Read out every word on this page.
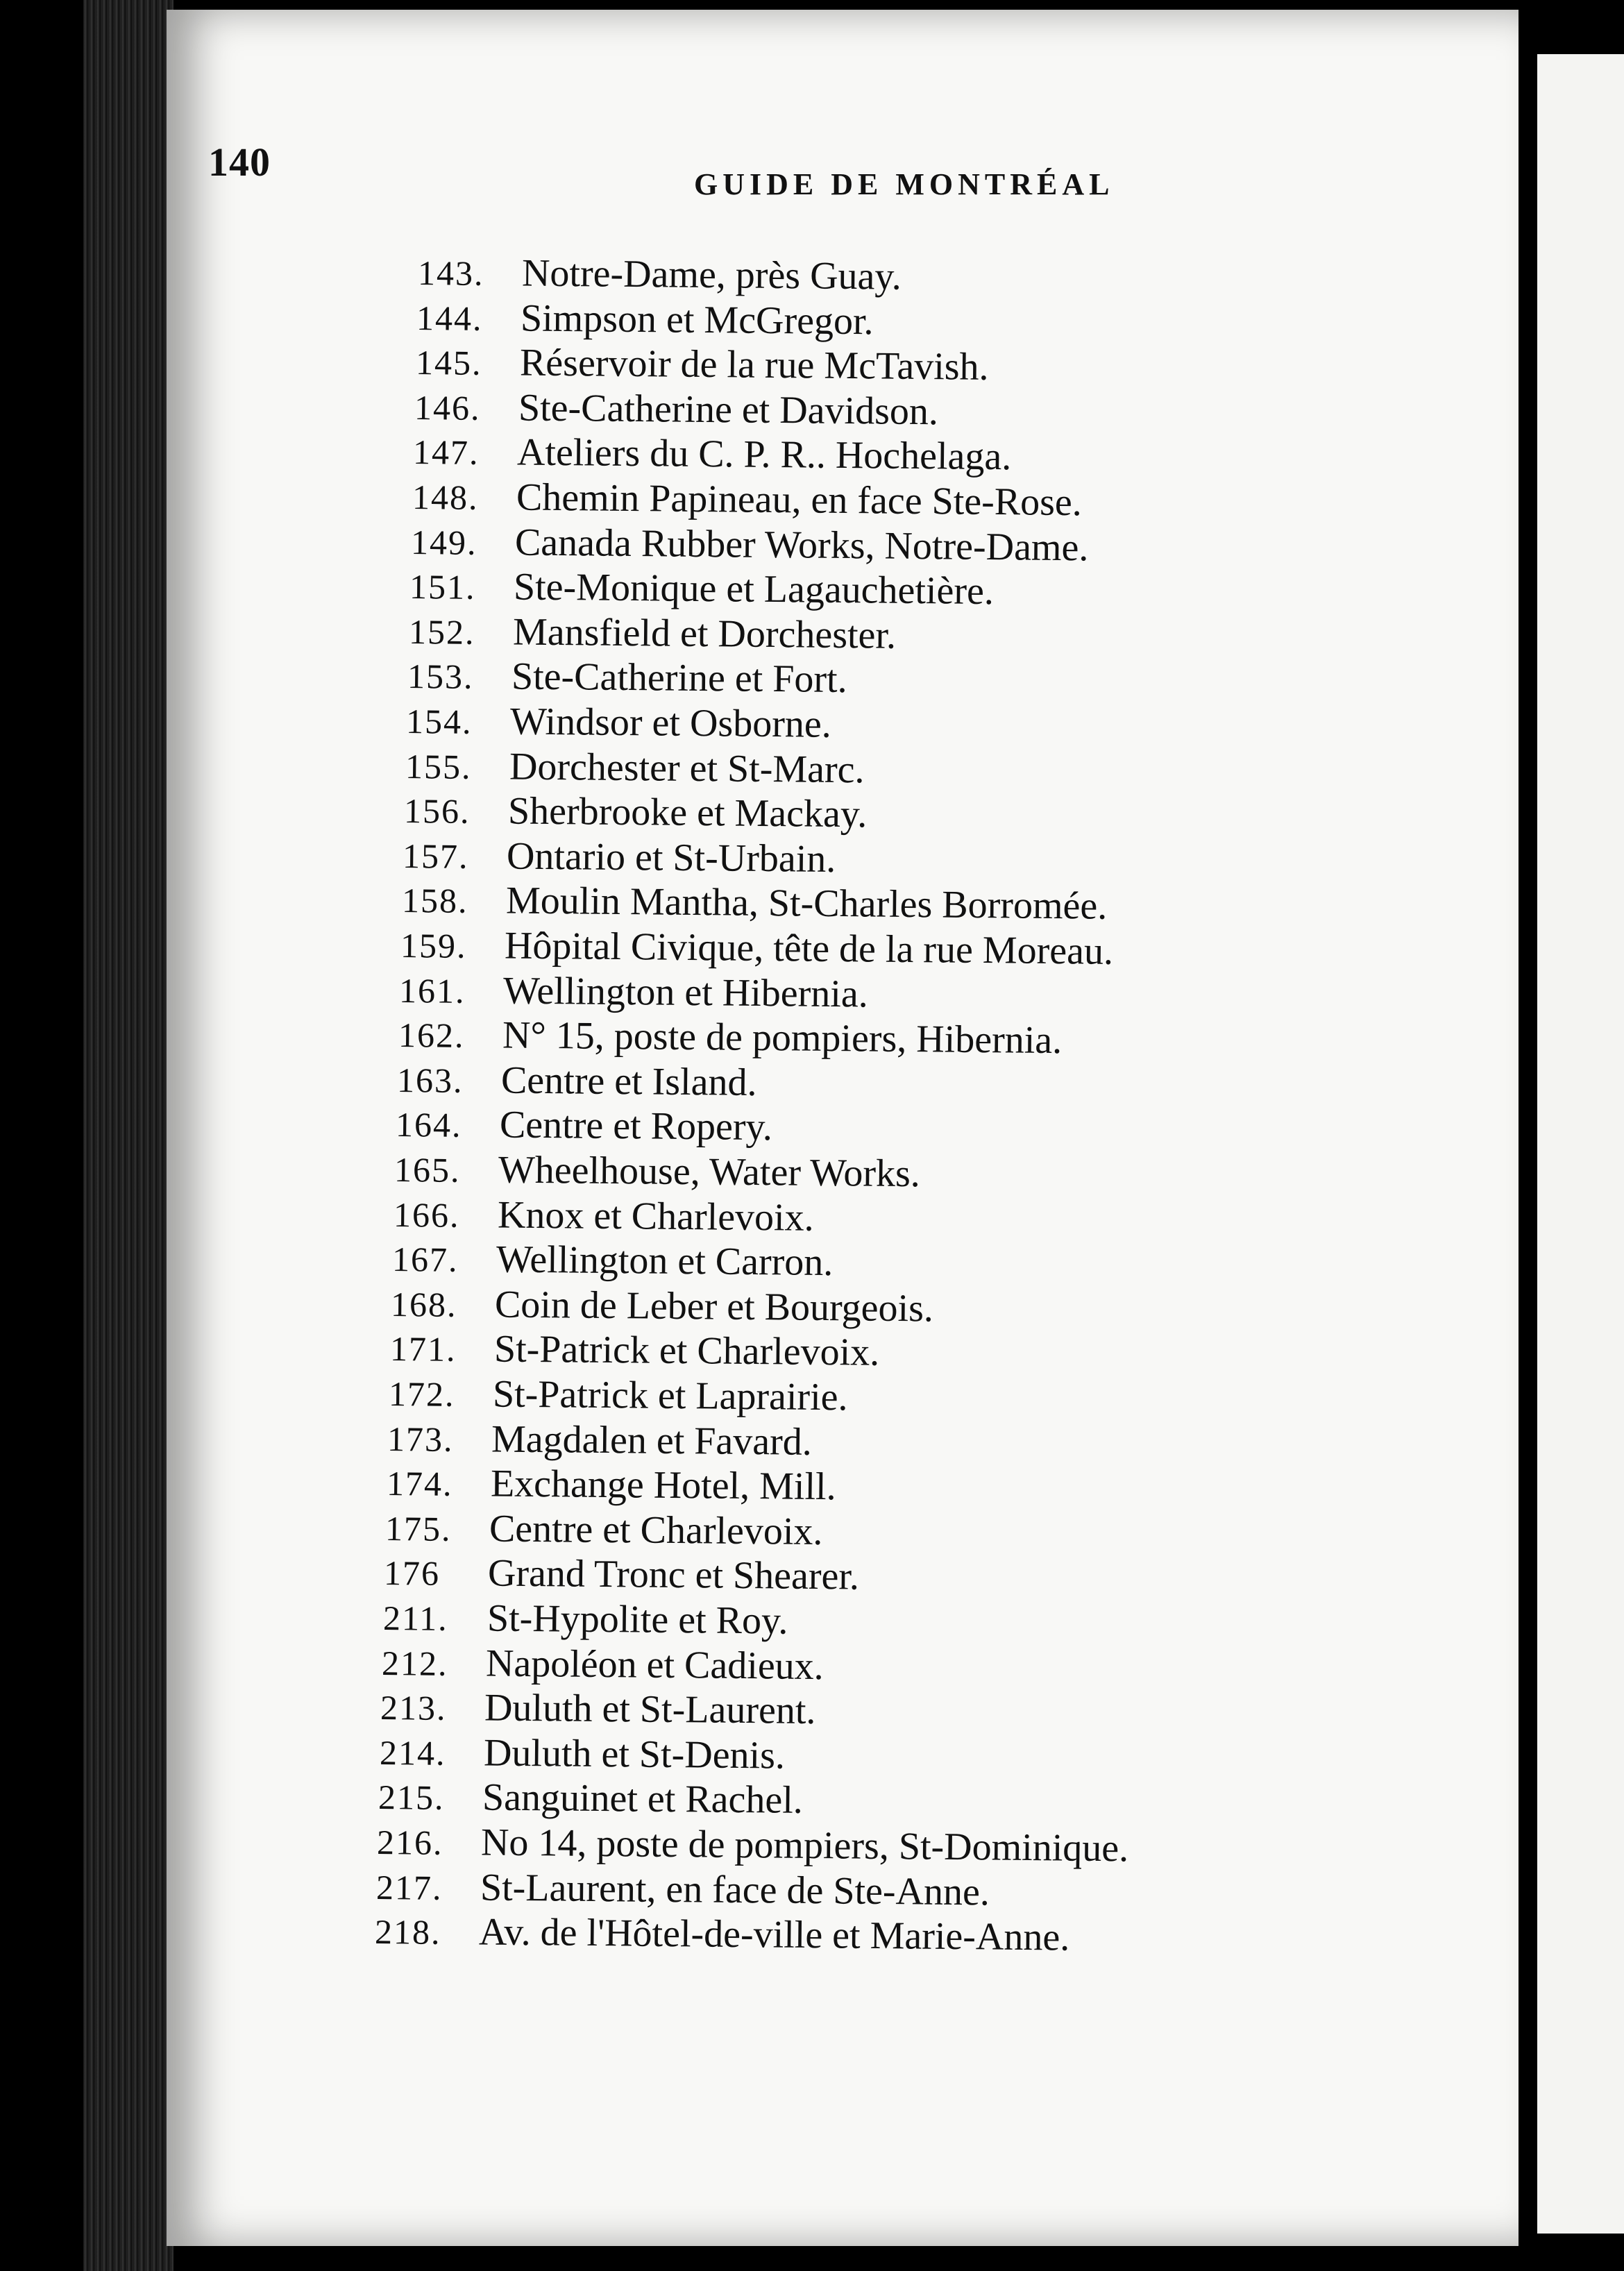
140	GUIDE DE MONTRÉAL
143. Notre-Dame, près Guay.
144. Simpson et McGregor.
145. Réservoir de la rue McTavish.
146. Ste-Catherine et Davidson.
147. Ateliers du C. P. R.. Hochelaga.
148. Chemin Papineau, en face Ste-Rose.
149. Canada Rubber Works, Notre-Dame.
151. Ste-Monique et Lagauchetière.
152. Mansfield et Dorchester.
153. Ste-Catherine et Fort.
154. Windsor et Osborne.
155. Dorchester et St-Marc.
156. Sherbrooke et Mackay.
157. Ontario et St-Urbain.
158. Moulin Mantha, St-Charles Borromée.
159. Hôpital Civique, tête de la rue Moreau.
161. Wellington et Hibernia.
162. N° 15, poste de pompiers, Hibernia.
163. Centre et Island.
164. Centre et Ropery.
165. Wheelhouse, Water Works.
166. Knox et Charlevoix.
167. Wellington et Carron.
168. Coin de Leber et Bourgeois.
171. St-Patrick et Charlevoix.
172. St-Patrick et Laprairie.
173. Magdalen et Favard.
174. Exchange Hotel, Mill.
175. Centre et Charlevoix.
176 Grand Tronc et Shearer.
211. St-Hypolite et Roy.
212. Napoléon et Cadieux.
213. Duluth et St-Laurent.
214. Duluth et St-Denis.
215. Sanguinet et Rachel.
216. No 14, poste de pompiers, St-Dominique.
217. St-Laurent, en face de Ste-Anne.
218. Av. de l'Hôtel-de-ville et Marie-Anne.
